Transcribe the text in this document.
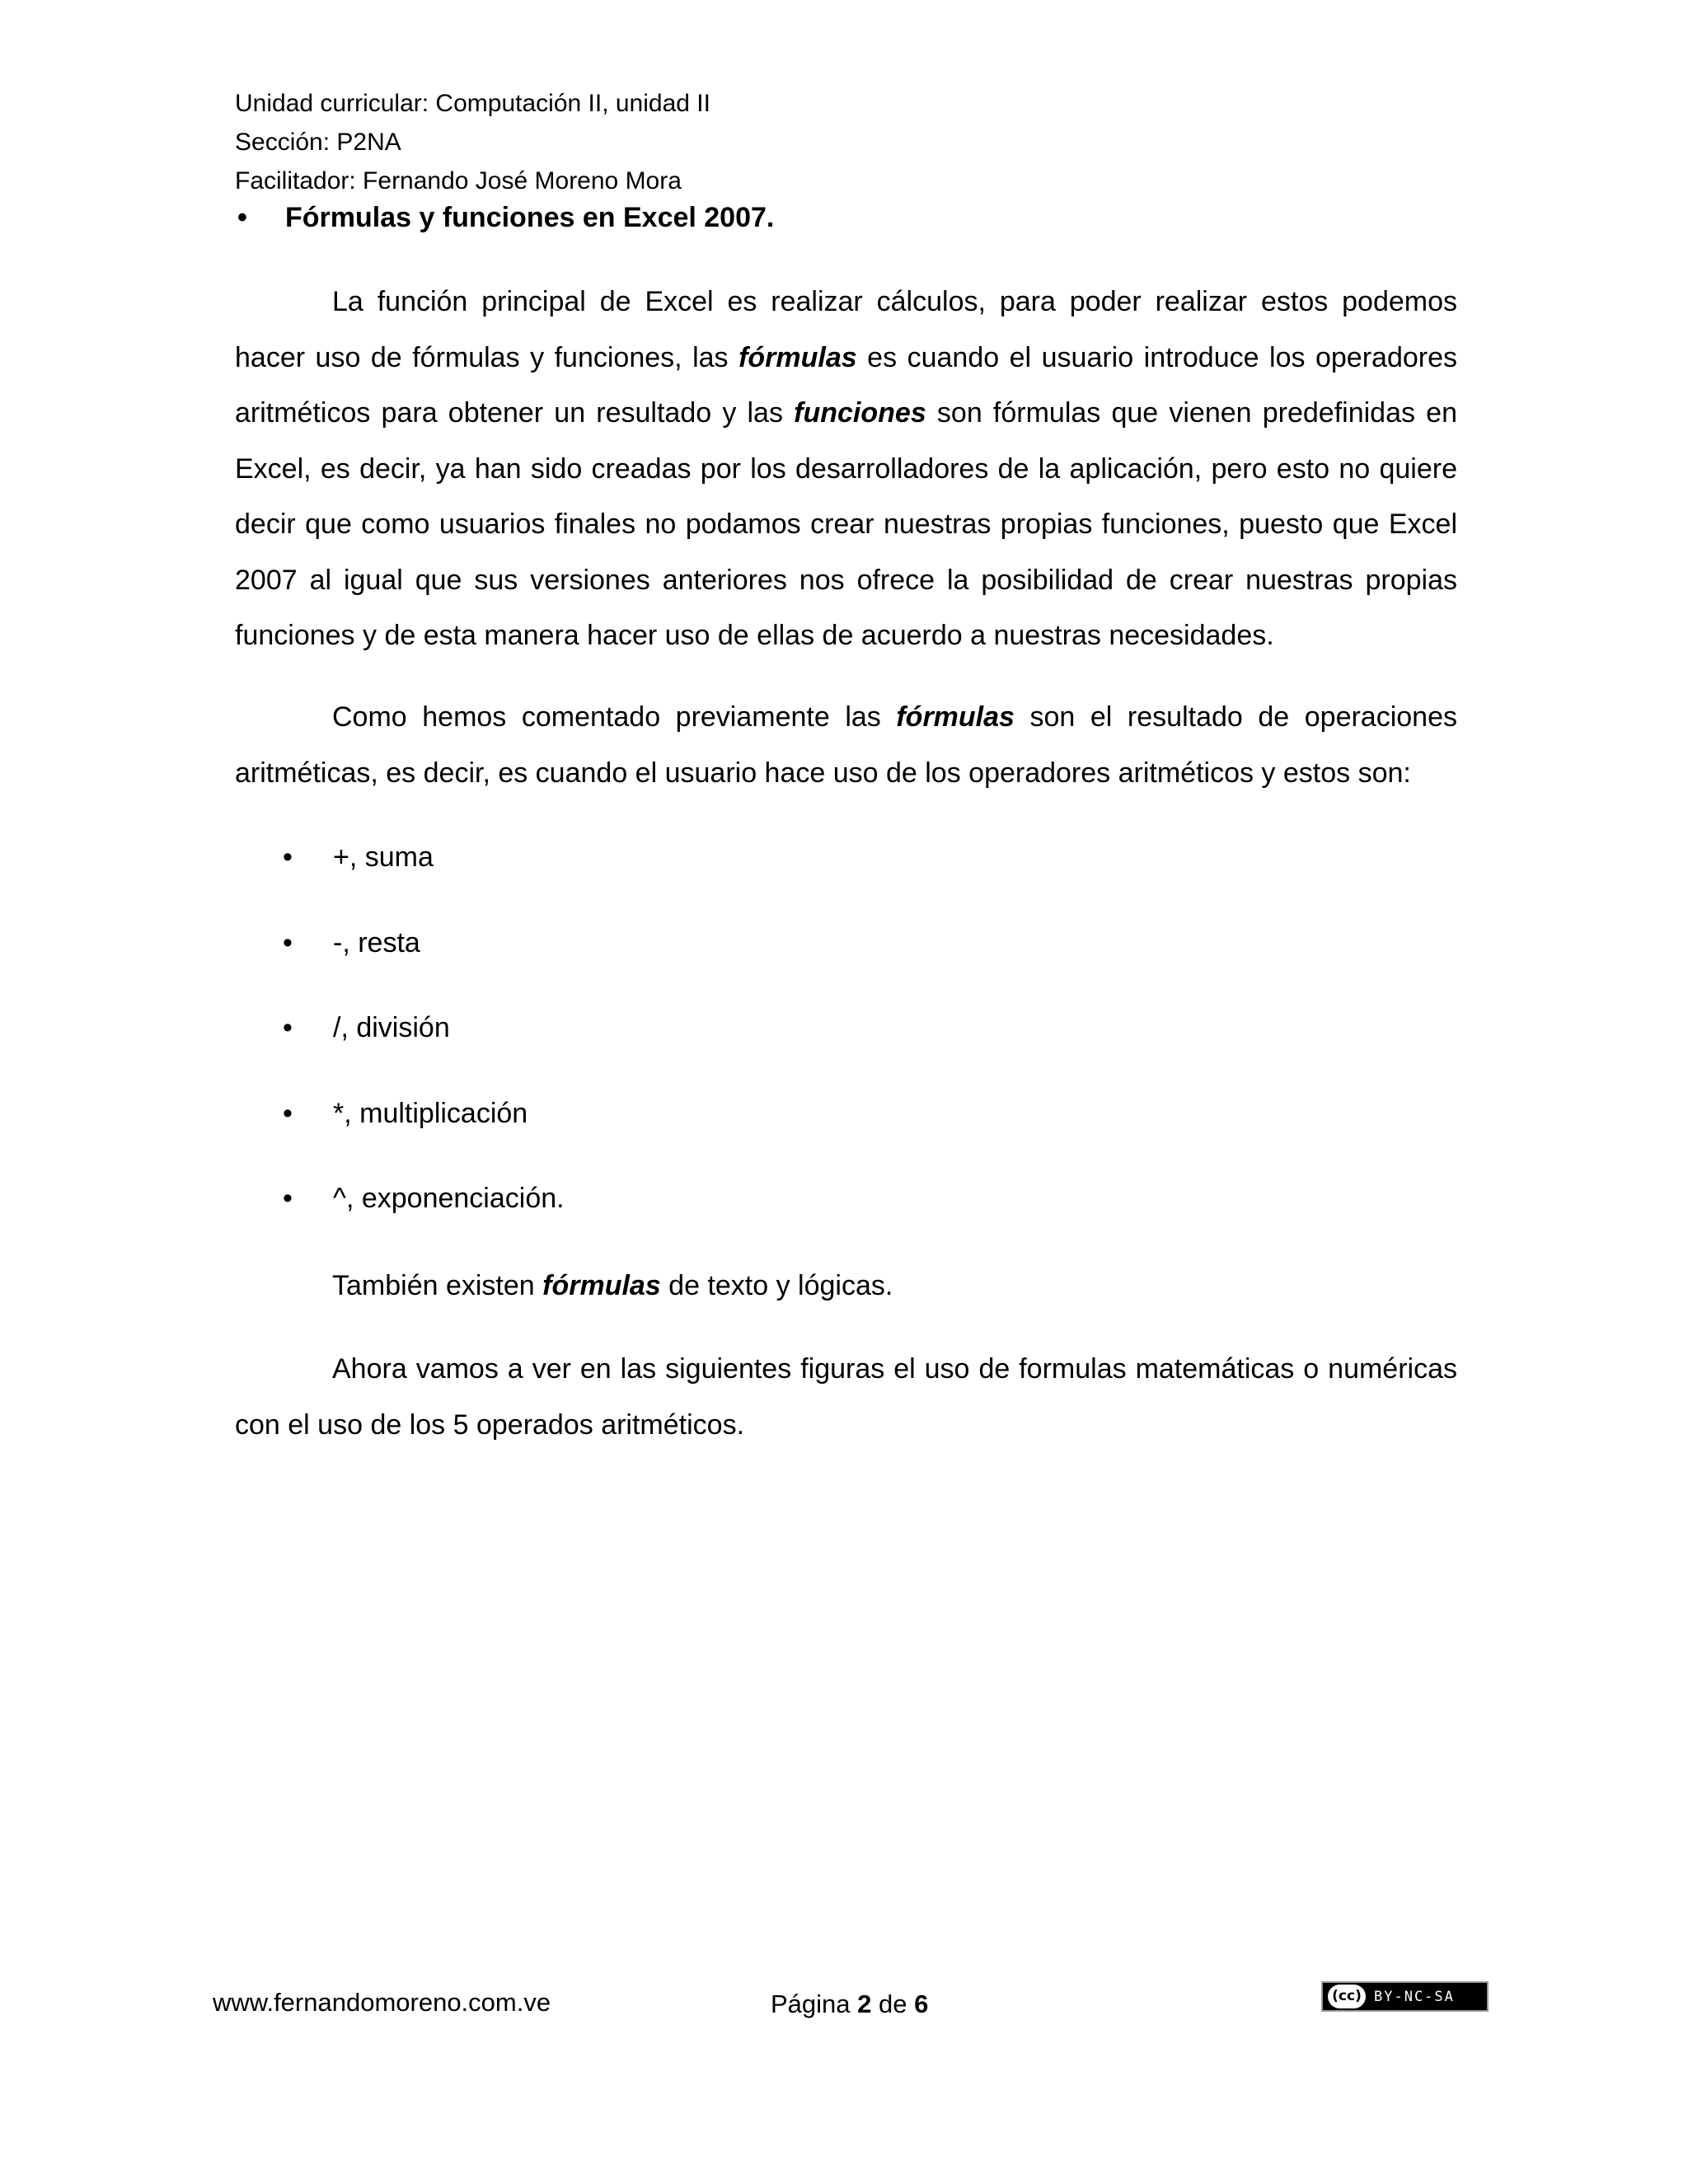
Unidad curricular: Computación II, unidad II
Sección: P2NA
Facilitador: Fernando José Moreno Mora
• Fórmulas y funciones en Excel 2007.
La función principal de Excel es realizar cálculos, para poder realizar estos podemos hacer uso de fórmulas y funciones, las fórmulas es cuando el usuario introduce los operadores aritméticos para obtener un resultado y las funciones son fórmulas que vienen predefinidas en Excel, es decir, ya han sido creadas por los desarrolladores de la aplicación, pero esto no quiere decir que como usuarios finales no podamos crear nuestras propias funciones, puesto que Excel 2007 al igual que sus versiones anteriores nos ofrece la posibilidad de crear nuestras propias funciones y de esta manera hacer uso de ellas de acuerdo a nuestras necesidades.
Como hemos comentado previamente las fórmulas son el resultado de operaciones aritméticas, es decir, es cuando el usuario hace uso de los operadores aritméticos y estos son:
• +, suma
• -, resta
• /, división
• *, multiplicación
• ^, exponenciación.
También existen fórmulas de texto y lógicas.
Ahora vamos a ver en las siguientes figuras el uso de formulas matemáticas o numéricas con el uso de los 5 operados aritméticos.
www.fernandomoreno.com.ve	Página 2 de 6	(cc) BY-NC-SA
